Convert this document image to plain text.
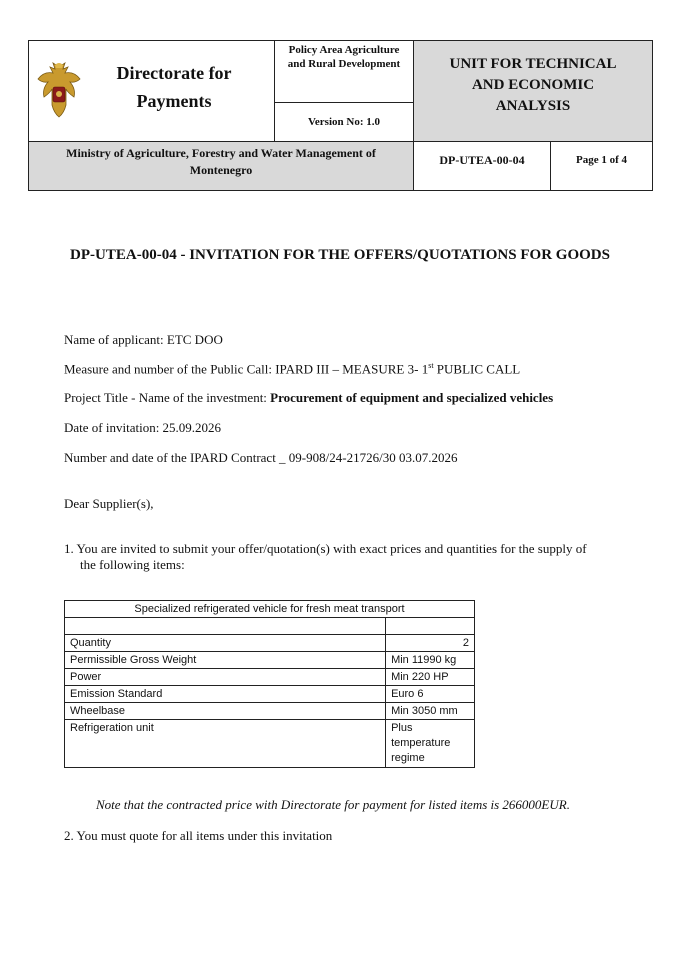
Directorate for Payments
Policy Area Agriculture and Rural Development
Version No: 1.0
UNIT FOR TECHNICAL AND ECONOMIC ANALYSIS
Ministry of Agriculture, Forestry and Water Management of Montenegro
DP-UTEA-00-04	Page 1 of 4
DP-UTEA-00-04 - INVITATION FOR THE OFFERS/QUOTATIONS FOR GOODS
Name of applicant: ETC DOO
Measure and number of the Public Call: IPARD III – MEASURE 3- 1st PUBLIC CALL
Project Title - Name of the investment: Procurement of equipment and specialized vehicles
Date of invitation: 25.09.2026
Number and date of the IPARD Contract _ 09-908/24-21726/30 03.07.2026
Dear Supplier(s),
1. You are invited to submit your offer/quotation(s) with exact prices and quantities for the supply of
the following items:
Specialized refrigerated vehicle for fresh meat transport	

Quantity	2
Permissible Gross Weight	Min 11990 kg
Power	Min 220 HP
Emission Standard	Euro 6
Wheelbase	Min 3050 mm
Refrigeration unit	Plus temperature regime
Note that the contracted price with Directorate for payment for listed items is 266000EUR.
2. You must quote for all items under this invitation
